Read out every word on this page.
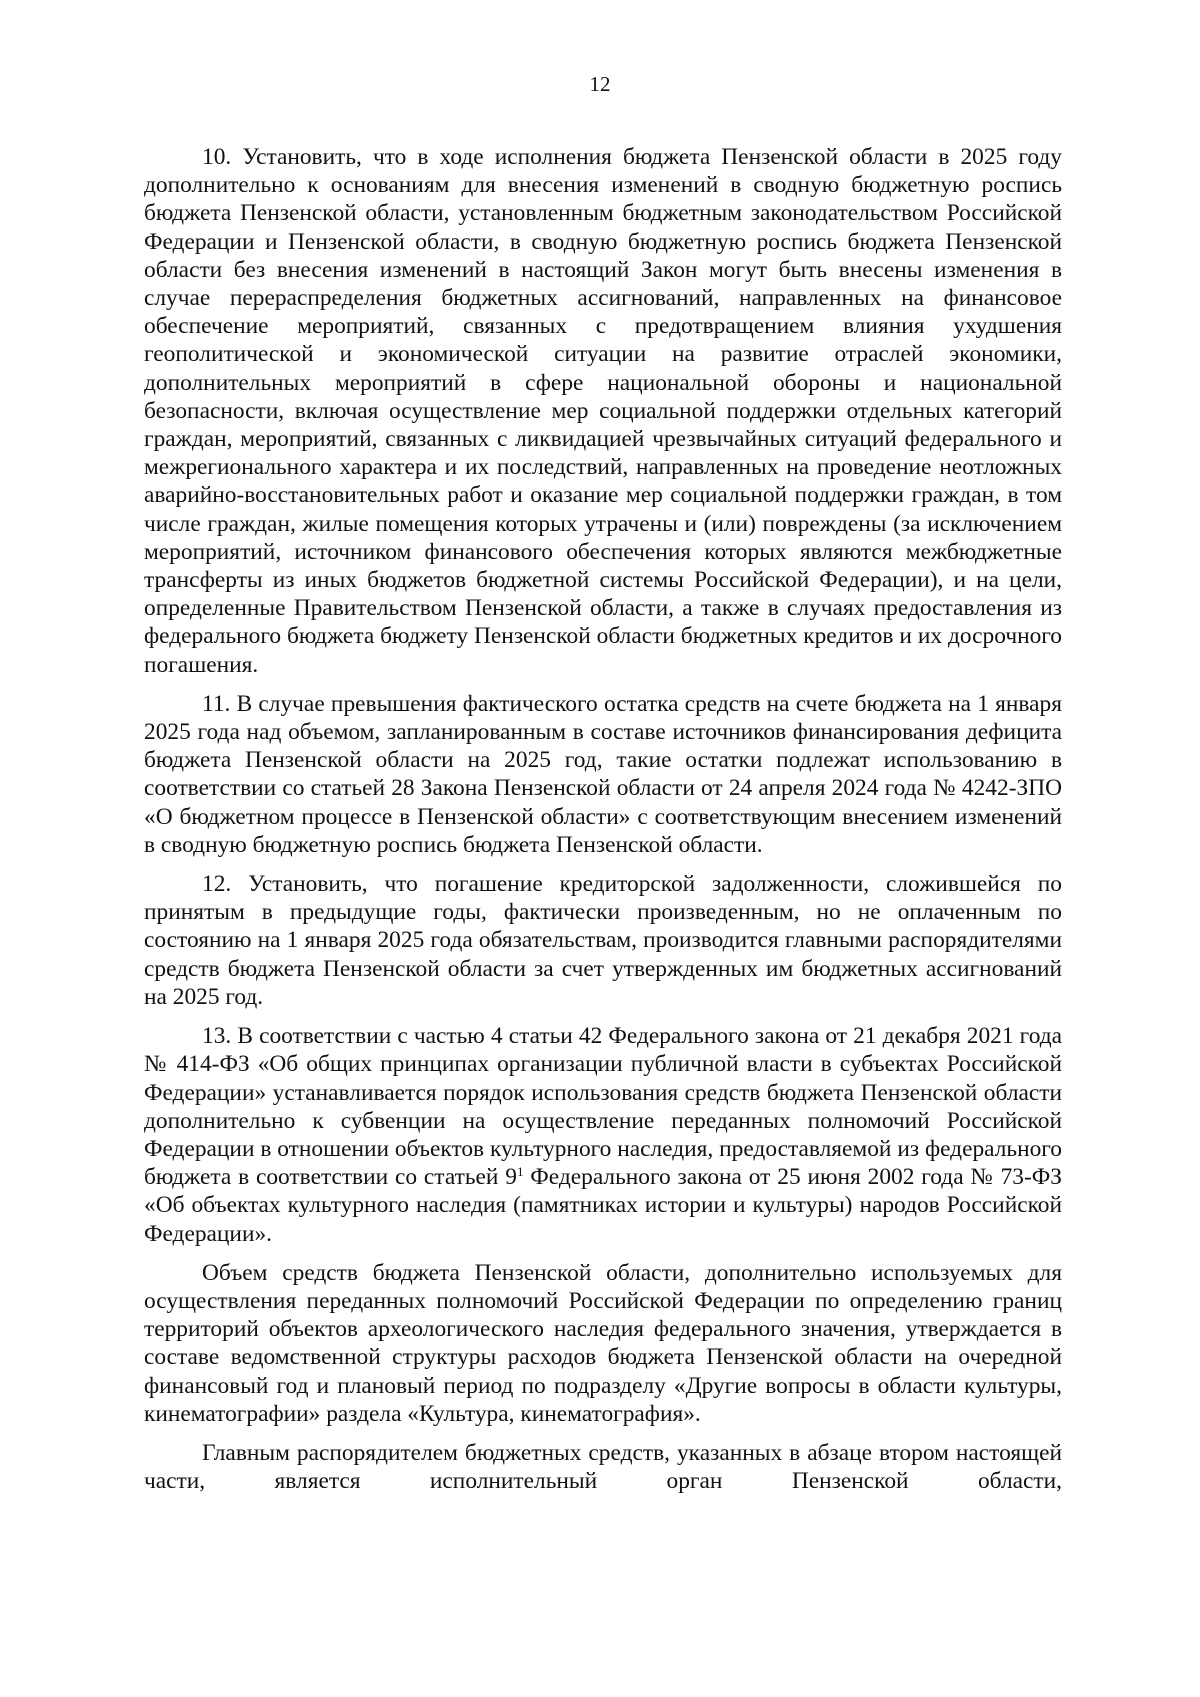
12

10. Установить, что в ходе исполнения бюджета Пензенской области в 2025 году дополнительно к основаниям для внесения изменений в сводную бюджетную роспись бюджета Пензенской области, установленным бюджетным законодательством Российской Федерации и Пензенской области, в сводную бюджетную роспись бюджета Пензенской области без внесения изменений в настоящий Закон могут быть внесены изменения в случае перераспределения бюджетных ассигнований, направленных на финансовое обеспечение мероприятий, связанных с предотвращением влияния ухудшения геополитической и экономической ситуации на развитие отраслей экономики, дополнительных мероприятий в сфере национальной обороны и национальной безопасности, включая осуществление мер социальной поддержки отдельных категорий граждан, мероприятий, связанных с ликвидацией чрезвычайных ситуаций федерального и межрегионального характера и их последствий, направленных на проведение неотложных аварийно-восстановительных работ и оказание мер социальной поддержки граждан, в том числе граждан, жилые помещения которых утрачены и (или) повреждены (за исключением мероприятий, источником финансового обеспечения которых являются межбюджетные трансферты из иных бюджетов бюджетной системы Российской Федерации), и на цели, определенные Правительством Пензенской области, а также в случаях предоставления из федерального бюджета бюджету Пензенской области бюджетных кредитов и их досрочного погашения.

11. В случае превышения фактического остатка средств на счете бюджета на 1 января 2025 года над объемом, запланированным в составе источников финансирования дефицита бюджета Пензенской области на 2025 год, такие остатки подлежат использованию в соответствии со статьей 28 Закона Пензенской области от 24 апреля 2024 года № 4242-ЗПО «О бюджетном процессе в Пензенской области» с соответствующим внесением изменений в сводную бюджетную роспись бюджета Пензенской области.

12. Установить, что погашение кредиторской задолженности, сложившейся по принятым в предыдущие годы, фактически произведенным, но не оплаченным по состоянию на 1 января 2025 года обязательствам, производится главными распорядителями средств бюджета Пензенской области за счет утвержденных им бюджетных ассигнований на 2025 год.

13. В соответствии с частью 4 статьи 42 Федерального закона от 21 декабря 2021 года № 414-ФЗ «Об общих принципах организации публичной власти в субъектах Российской Федерации» устанавливается порядок использования средств бюджета Пензенской области дополнительно к субвенции на осуществление переданных полномочий Российской Федерации в отношении объектов культурного наследия, предоставляемой из федерального бюджета в соответствии со статьей $9^1$ Федерального закона от 25 июня 2002 года № 73-ФЗ «Об объектах культурного наследия (памятниках истории и культуры) народов Российской Федерации».

Объем средств бюджета Пензенской области, дополнительно используемых для осуществления переданных полномочий Российской Федерации по определению границ территорий объектов археологического наследия федерального значения, утверждается в составе ведомственной структуры расходов бюджета Пензенской области на очередной финансовый год и плановый период по подразделу «Другие вопросы в области культуры, кинематографии» раздела «Культура, кинематография».

Главным распорядителем бюджетных средств, указанных в абзаце втором настоящей части, является исполнительный орган Пензенской области,
